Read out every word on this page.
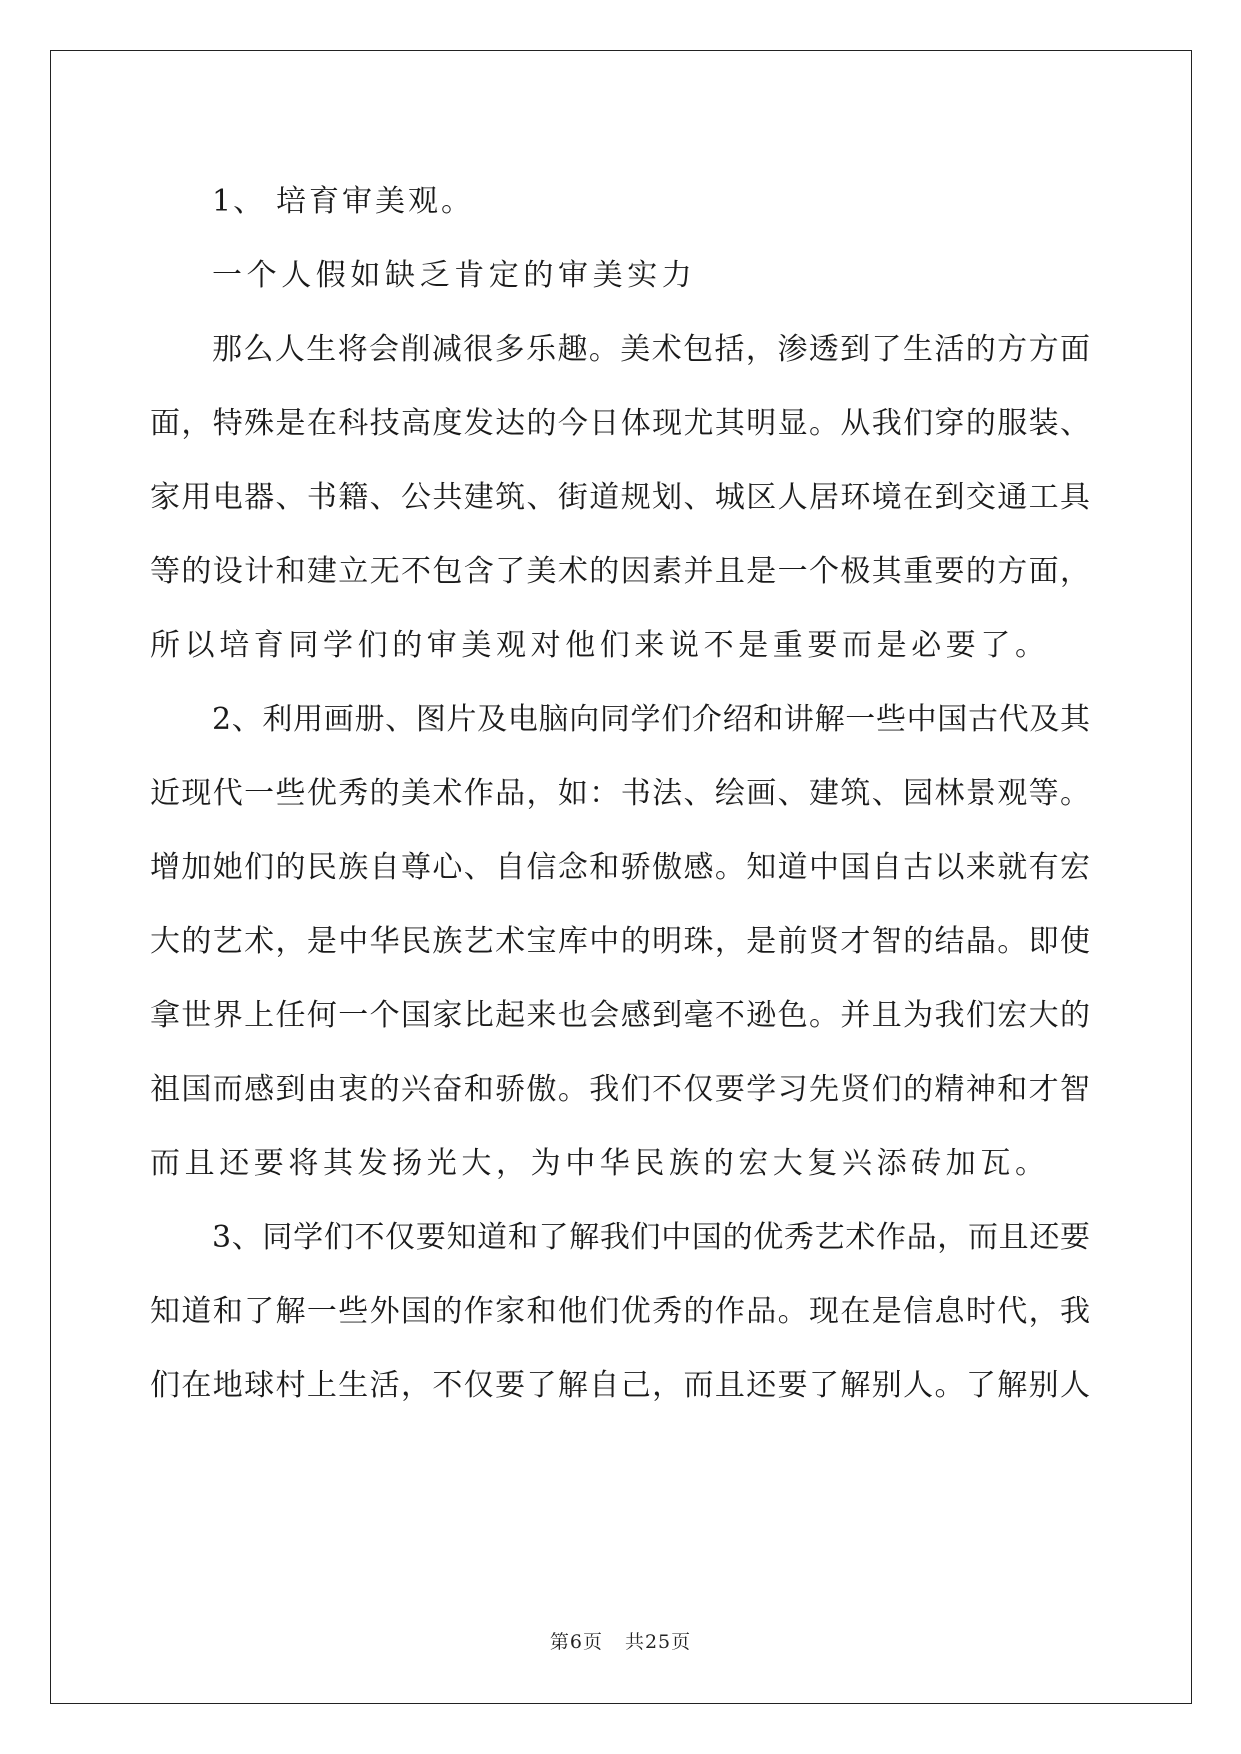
1、 培育审美观。
一个人假如缺乏肯定的审美实力
那么人生将会削减很多乐趣。美术包括，渗透到了生活的方方面
面，特殊是在科技高度发达的今日体现尤其明显。从我们穿的服装、
家用电器、书籍、公共建筑、街道规划、城区人居环境在到交通工具
等的设计和建立无不包含了美术的因素并且是一个极其重要的方面，
所以培育同学们的审美观对他们来说不是重要而是必要了。
2、利用画册、图片及电脑向同学们介绍和讲解一些中国古代及其
近现代一些优秀的美术作品，如：书法、绘画、建筑、园林景观等。
增加她们的民族自尊心、自信念和骄傲感。知道中国自古以来就有宏
大的艺术，是中华民族艺术宝库中的明珠，是前贤才智的结晶。即使
拿世界上任何一个国家比起来也会感到毫不逊色。并且为我们宏大的
祖国而感到由衷的兴奋和骄傲。我们不仅要学习先贤们的精神和才智
而且还要将其发扬光大，为中华民族的宏大复兴添砖加瓦。
3、同学们不仅要知道和了解我们中国的优秀艺术作品，而且还要
知道和了解一些外国的作家和他们优秀的作品。现在是信息时代，我
们在地球村上生活，不仅要了解自己，而且还要了解别人。了解别人
第6页 共25页
